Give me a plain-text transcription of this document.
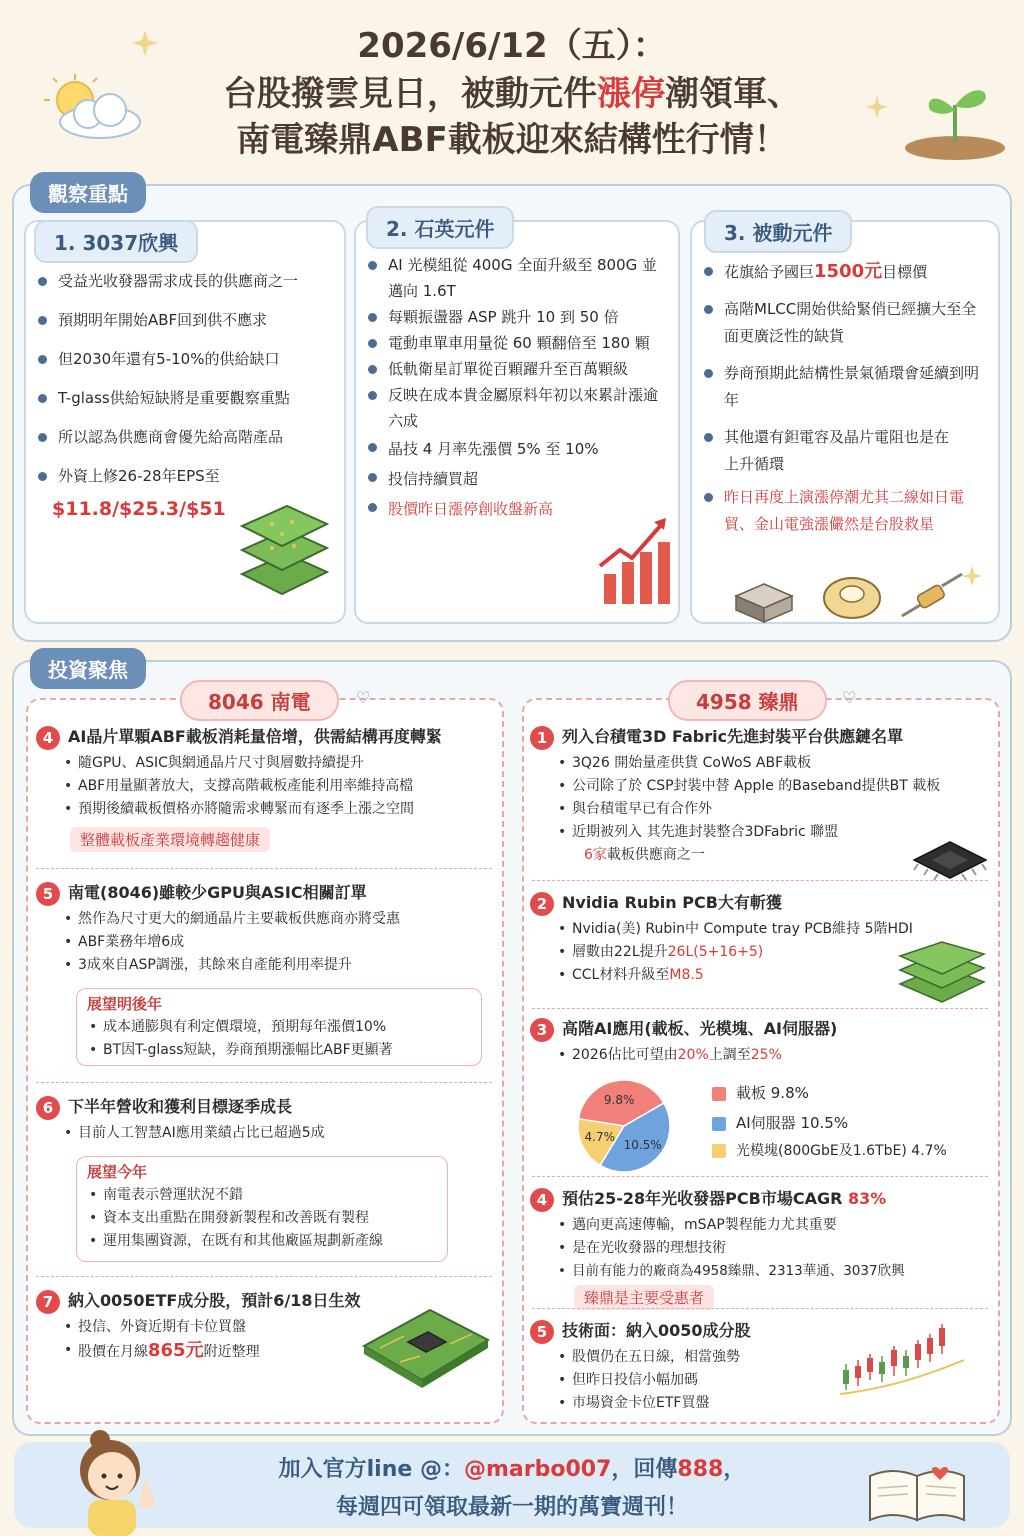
2026/6/12（五）：
台股撥雲見日，被動元件漲停潮領軍、
南電臻鼎ABF載板迎來結構性行情！
觀察重點
1. 3037欣興
受益光收發器需求成長的供應商之一
預期明年開始ABF回到供不應求
但2030年還有5-10%的供給缺口
T-glass供給短缺將是重要觀察重點
所以認為供應商會優先給高階產品
外資上修26-28年EPS至
$11.8/$25.3/$51
2. 石英元件
AI 光模組從 400G 全面升級至 800G 並邁向 1.6T
每顆振盪器 ASP 跳升 10 到 50 倍
電動車單車用量從 60 顆翻倍至 180 顆
低軌衛星訂單從百顆躍升至百萬顆級
反映在成本貴金屬原料年初以來累計漲逾六成
晶技 4 月率先漲價 5% 至 10%
投信持續買超
股價昨日漲停創收盤新高
3. 被動元件
花旗給予國巨1500元目標價
高階MLCC開始供給緊俏已經擴大至全面更廣泛性的缺貨
券商預期此結構性景氣循環會延續到明年
其他還有鉭電容及晶片電阻也是在上升循環
昨日再度上演漲停潮尤其二線如日電貿、金山電強漲儼然是台股救星
投資聚焦
8046 南電	♡
4 AI晶片單顆ABF載板消耗量倍增，供需結構再度轉緊
• 隨GPU、ASIC與網通晶片尺寸與層數持續提升
• ABF用量顯著放大，支撐高階載板產能利用率維持高檔
• 預期後續載板價格亦將隨需求轉緊而有逐季上漲之空間
整體載板產業環境轉趨健康
5 南電(8046)雖較少GPU與ASIC相關訂單
• 然作為尺寸更大的網通晶片主要載板供應商亦將受惠
• ABF業務年增6成
• 3成來自ASP調漲，其餘來自產能利用率提升
展望明後年
• 成本通膨與有利定價環境，預期每年漲價10%
• BT因T-glass短缺，券商預期漲幅比ABF更顯著
6 下半年營收和獲利目標逐季成長
• 目前人工智慧AI應用業績占比已超過5成
展望今年
• 南電表示營運狀況不錯
• 資本支出重點在開發新製程和改善既有製程
• 運用集團資源，在既有和其他廠區規劃新產線
7 納入0050ETF成分股，預計6/18日生效
• 投信、外資近期有卡位買盤
• 股價在月線865元附近整理
4958 臻鼎	♡
1 列入台積電3D Fabric先進封裝平台供應鏈名單
• 3Q26 開始量產供貨 CoWoS ABF載板
• 公司除了於 CSP封裝中替 Apple 的Baseband提供BT 載板
• 與台積電早已有合作外
• 近期被列入 其先進封裝整合3DFabric 聯盟
6家載板供應商之一
2 Nvidia Rubin PCB大有斬獲
• Nvidia(美) Rubin中 Compute tray PCB維持 5階HDI
• 層數由22L提升26L(5+16+5)
• CCL材料升級至M8.5
3 高階AI應用(載板、光模塊、AI伺服器)
• 2026佔比可望由20%上調至25%
9.8%
10.5%
4.7%
載板 9.8%
AI伺服器 10.5%
光模塊(800GbE及1.6TbE) 4.7%
4 預估25-28年光收發器PCB市場CAGR 83%
• 邁向更高速傳輸，mSAP製程能力尤其重要
• 是在光收發器的理想技術
• 目前有能力的廠商為4958臻鼎、2313華通、3037欣興
臻鼎是主要受惠者
5 技術面：納入0050成分股
• 股價仍在五日線，相當強勢
• 但昨日投信小幅加碼
• 市場資金卡位ETF買盤
加入官方line @：@marbo007，回傳888，
每週四可領取最新一期的萬寶週刊！
